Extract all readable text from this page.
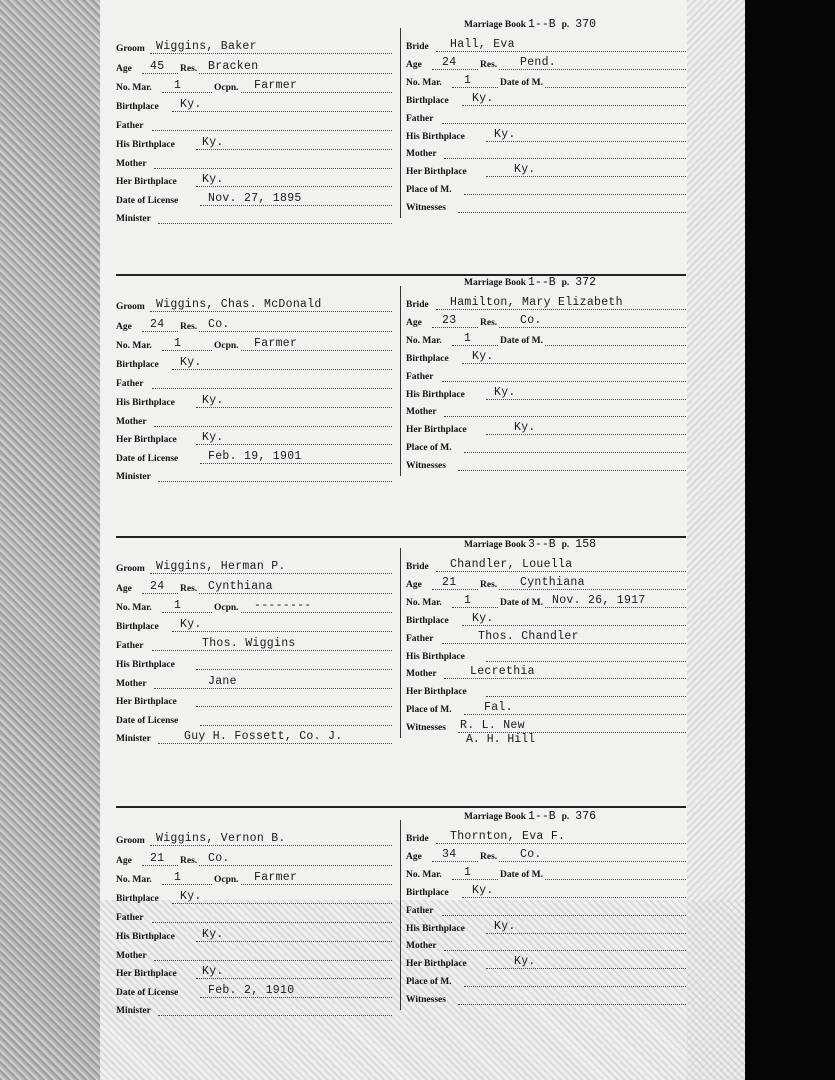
Groom Wiggins, Baker
Age 45 Res. Bracken
No. Mar. 1	Ocpn. Farmer
Birthplace Ky.
Father
His Birthplace Ky.
Mother
Her Birthplace Ky.
Date of License	Nov. 27, 1895
Minister
Marriage Book 1--B p. 370
Bride Hall, Eva
Age 24 Res. Pend.
No. Mar. 1	Date of M.
Birthplace Ky.
Father
His Birthplace	Ky.
Mother
Her Birthplace	Ky.
Place of M.
Witnesses
Groom Wiggins, Chas. McDonald
Age 24 Res. Co.
No. Mar. 1	Ocpn. Farmer
Birthplace Ky.
Father
His Birthplace Ky.
Mother
Her Birthplace Ky.
Date of License	Feb. 19, 1901
Minister
Marriage Book 1--B p. 372
Bride Hamilton, Mary Elizabeth
Age 23 Res. Co.
No. Mar. 1	Date of M.
Birthplace Ky.
Father
His Birthplace	Ky.
Mother
Her Birthplace	Ky.
Place of M.
Witnesses
Groom Wiggins, Herman P.
Age 24 Res. Cynthiana
No. Mar. 1	Ocpn. --------
Birthplace Ky.
Father	Thos. Wiggins
His Birthplace
Mother	Jane
Her Birthplace
Date of License
Minister	Guy H. Fossett, Co. J.
Marriage Book 3--B p. 158
Bride Chandler, Louella
Age 21 Res. Cynthiana
No. Mar. 1	Date of M. Nov. 26, 1917
Birthplace Ky.
Father	Thos. Chandler
His Birthplace
Mother	Lecrethia
Her Birthplace
Place of M.	Fal.
Witnesses R. L. New
A. H. Hill
Groom Wiggins, Vernon B.
Age 21 Res. Co.
No. Mar. 1	Ocpn. Farmer
Birthplace Ky.
Father
His Birthplace Ky.
Mother
Her Birthplace Ky.
Date of License	Feb. 2, 1910
Minister
Marriage Book 1--B p. 376
Bride Thornton, Eva F.
Age 34 Res. Co.
No. Mar. 1	Date of M.
Birthplace Ky.
Father
His Birthplace	Ky.
Mother
Her Birthplace	Ky.
Place of M.
Witnesses
